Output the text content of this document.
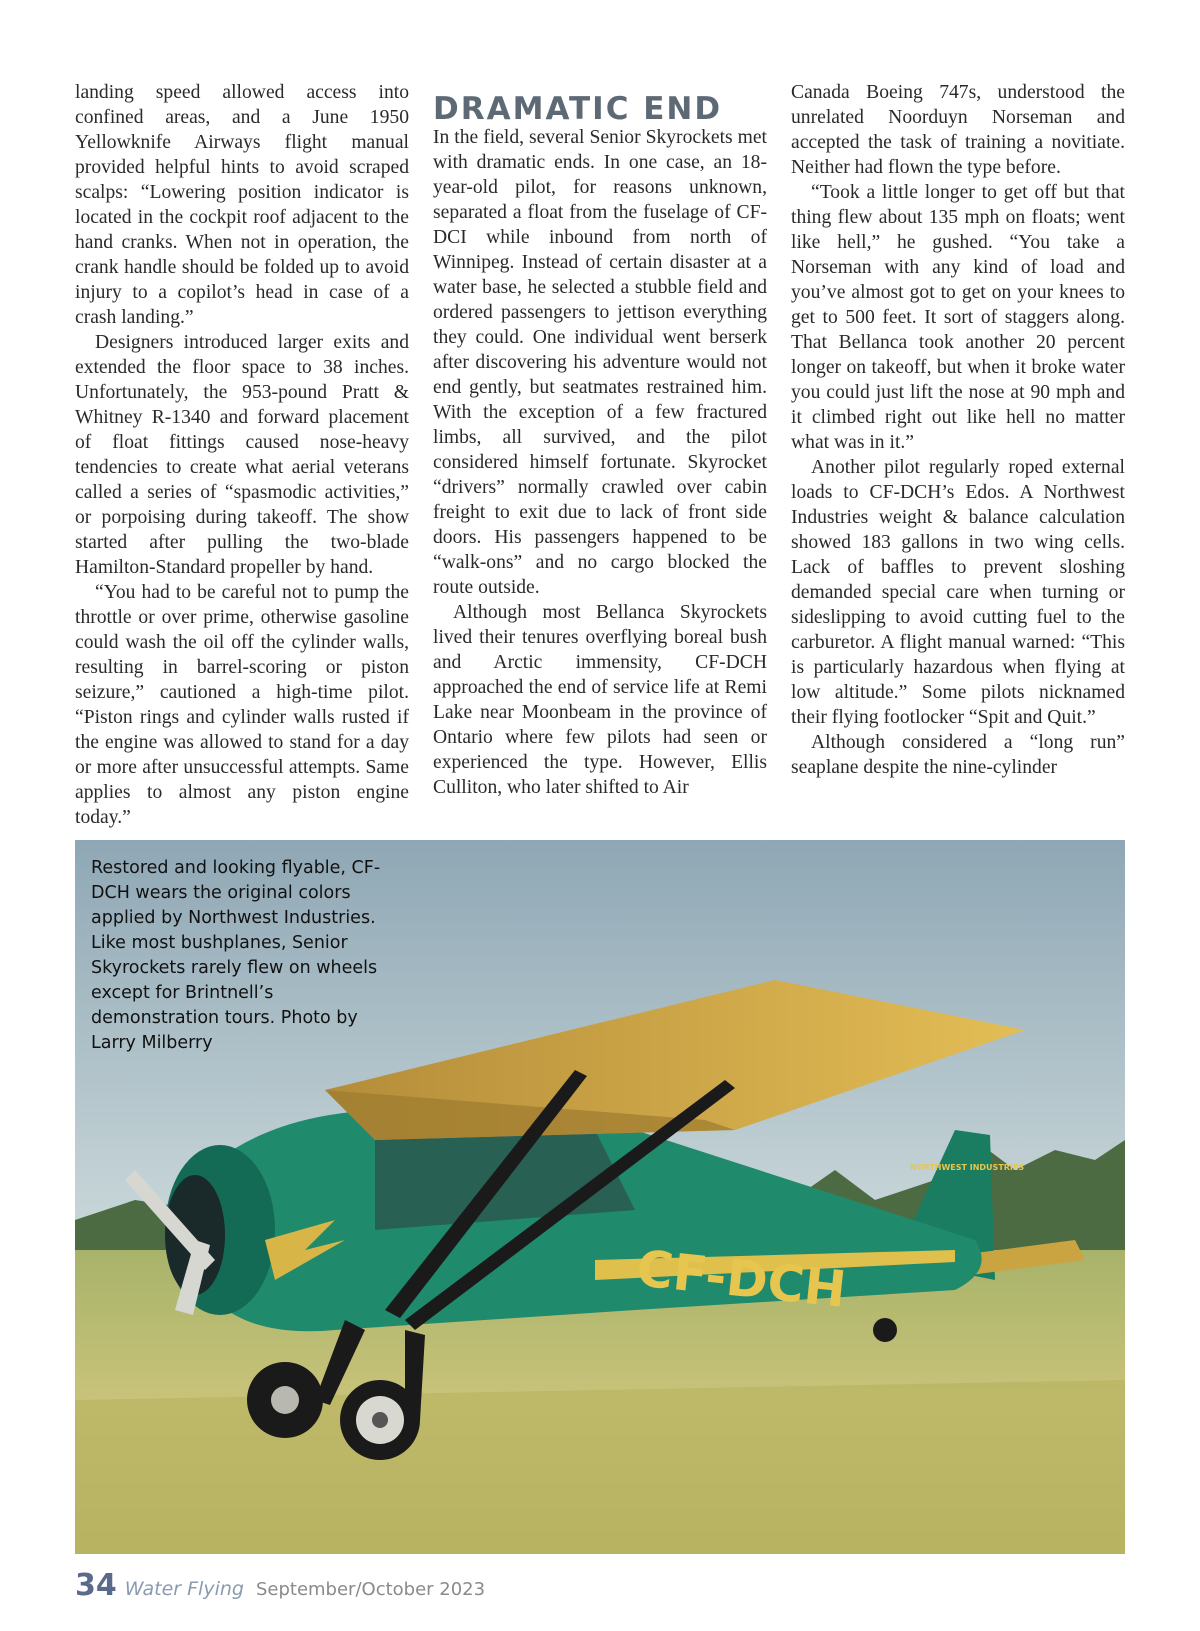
landing speed allowed access into confined areas, and a June 1950 Yellowknife Airways flight manual provided helpful hints to avoid scraped scalps: “Lowering position indicator is located in the cockpit roof adjacent to the hand cranks. When not in operation, the crank handle should be folded up to avoid injury to a copilot’s head in case of a crash landing.”

Designers introduced larger exits and extended the floor space to 38 inches. Unfortunately, the 953-pound Pratt & Whitney R-1340 and forward placement of float fittings caused nose-heavy tendencies to create what aerial veterans called a series of “spasmodic activities,” or porpoising during takeoff. The show started after pulling the two-blade Hamilton-Standard propeller by hand.

“You had to be careful not to pump the throttle or over prime, otherwise gasoline could wash the oil off the cylinder walls, resulting in barrel-scoring or piston seizure,” cautioned a high-time pilot. “Piston rings and cylinder walls rusted if the engine was allowed to stand for a day or more after unsuccessful attempts. Same applies to almost any piston engine today.”

DRAMATIC END

In the field, several Senior Skyrockets met with dramatic ends. In one case, an 18-year-old pilot, for reasons unknown, separated a float from the fuselage of CF-DCI while inbound from north of Winnipeg. Instead of certain disaster at a water base, he selected a stubble field and ordered passengers to jettison everything they could. One individual went berserk after discovering his adventure would not end gently, but seatmates restrained him. With the exception of a few fractured limbs, all survived, and the pilot considered himself fortunate. Skyrocket “drivers” normally crawled over cabin freight to exit due to lack of front side doors. His passengers happened to be “walk-ons” and no cargo blocked the route outside.

Although most Bellanca Skyrockets lived their tenures overflying boreal bush and Arctic immensity, CF-DCH approached the end of service life at Remi Lake near Moonbeam in the province of Ontario where few pilots had seen or experienced the type. However, Ellis Culliton, who later shifted to Air

Canada Boeing 747s, understood the unrelated Noorduyn Norseman and accepted the task of training a novitiate. Neither had flown the type before.

“Took a little longer to get off but that thing flew about 135 mph on floats; went like hell,” he gushed. “You take a Norseman with any kind of load and you’ve almost got to get on your knees to get to 500 feet. It sort of staggers along. That Bellanca took another 20 percent longer on takeoff, but when it broke water you could just lift the nose at 90 mph and it climbed right out like hell no matter what was in it.”

Another pilot regularly roped external loads to CF-DCH’s Edos. A Northwest Industries weight & balance calculation showed 183 gallons in two wing cells. Lack of baffles to prevent sloshing demanded special care when turning or sideslipping to avoid cutting fuel to the carburetor. A flight manual warned: “This is particularly hazardous when flying at low altitude.” Some pilots nicknamed their flying footlocker “Spit and Quit.”

Although considered a “long run” seaplane despite the nine-cylinder

CF-DCH
NORTHWEST INDUSTRIES

Restored and looking flyable, CF-DCH wears the original colors applied by Northwest Industries. Like most bushplanes, Senior Skyrockets rarely flew on wheels except for Brintnell’s demonstration tours. Photo by Larry Milberry

34 Water Flying September/October 2023
